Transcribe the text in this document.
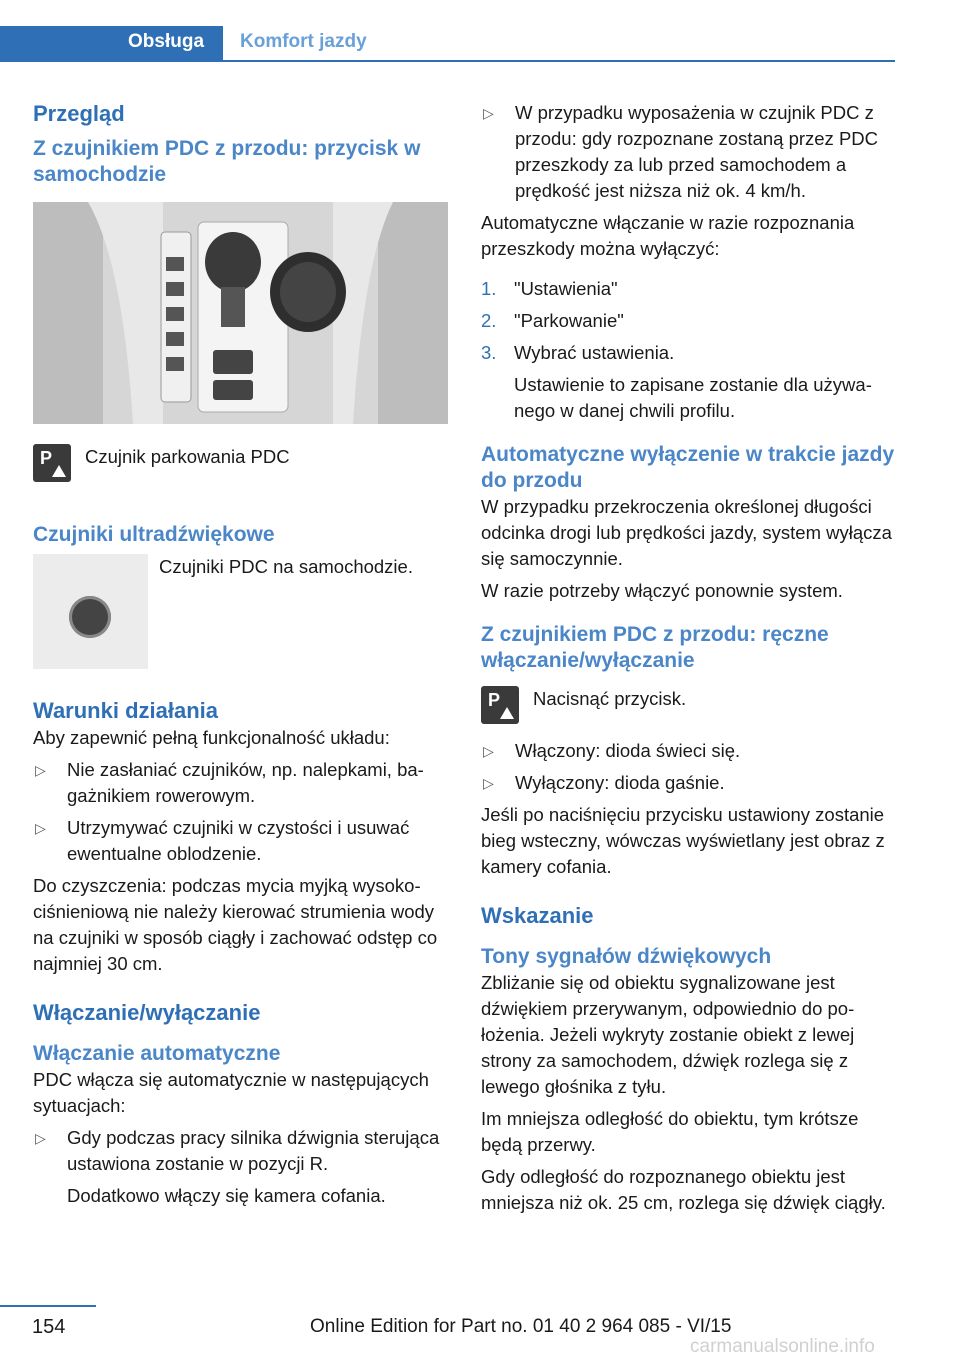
Obsługa	Komfort jazdy
Przegląd
Z czujnikiem PDC z przodu: przycisk w samochodzie
P Czujnik parkowania PDC

Czujniki ultradźwiękowe

Czujniki PDC na samochodzie.

Warunki działania

Aby zapewnić pełną funkcjonalność układu:

▷ Nie zasłaniać czujników, np. nalepkami, bagażnikiem rowerowym.
▷ Utrzymywać czujniki w czystości i usuwać ewentualne oblodzenie.

Do czyszczenia: podczas mycia myjką wysokociśnieniową nie należy kierować strumienia wody na czujniki w sposób ciągły i zachować odstęp co najmniej 30 cm.

Włączanie/wyłączanie
Włączanie automatyczne

PDC włącza się automatycznie w następujących sytuacjach:

▷ Gdy podczas pracy silnika dźwignia sterująca ustawiona zostanie w pozycji R.

Dodatkowo włączy się kamera cofania.

▷ W przypadku wyposażenia w czujnik PDC z przodu: gdy rozpoznane zostaną przez PDC przeszkody za lub przed samochodem a prędkość jest niższa niż ok. 4 km/h.

Automatyczne włączanie w razie rozpoznania przeszkody można wyłączyć:

1. "Ustawienia"
2. "Parkowanie"
3. Wybrać ustawienia.

Ustawienie to zapisane zostanie dla używanego w danej chwili profilu.

Automatyczne wyłączenie w trakcie jazdy do przodu

W przypadku przekroczenia określonej długości odcinka drogi lub prędkości jazdy, system wyłącza się samoczynnie.

W razie potrzeby włączyć ponownie system.

Z czujnikiem PDC z przodu: ręczne włączanie/wyłączanie
P Nacisnąć przycisk.

▷ Włączony: dioda świeci się.
▷ Wyłączony: dioda gaśnie.

Jeśli po naciśnięciu przycisku ustawiony zostanie bieg wsteczny, wówczas wyświetlany jest obraz z kamery cofania.

Wskazanie
Tony sygnałów dźwiękowych

Zbliżanie się od obiektu sygnalizowane jest dźwiękiem przerywanym, odpowiednio do położenia. Jeżeli wykryty zostanie obiekt z lewej strony za samochodem, dźwięk rozlega się z lewego głośnika z tyłu.

Im mniejsza odległość do obiektu, tym krótsze będą przerwy.

Gdy odległość do rozpoznanego obiektu jest mniejsza niż ok. 25 cm, rozlega się dźwięk ciągły.

154	Online Edition for Part no. 01 40 2 964 085 - VI/15
carmanualsonline.info
